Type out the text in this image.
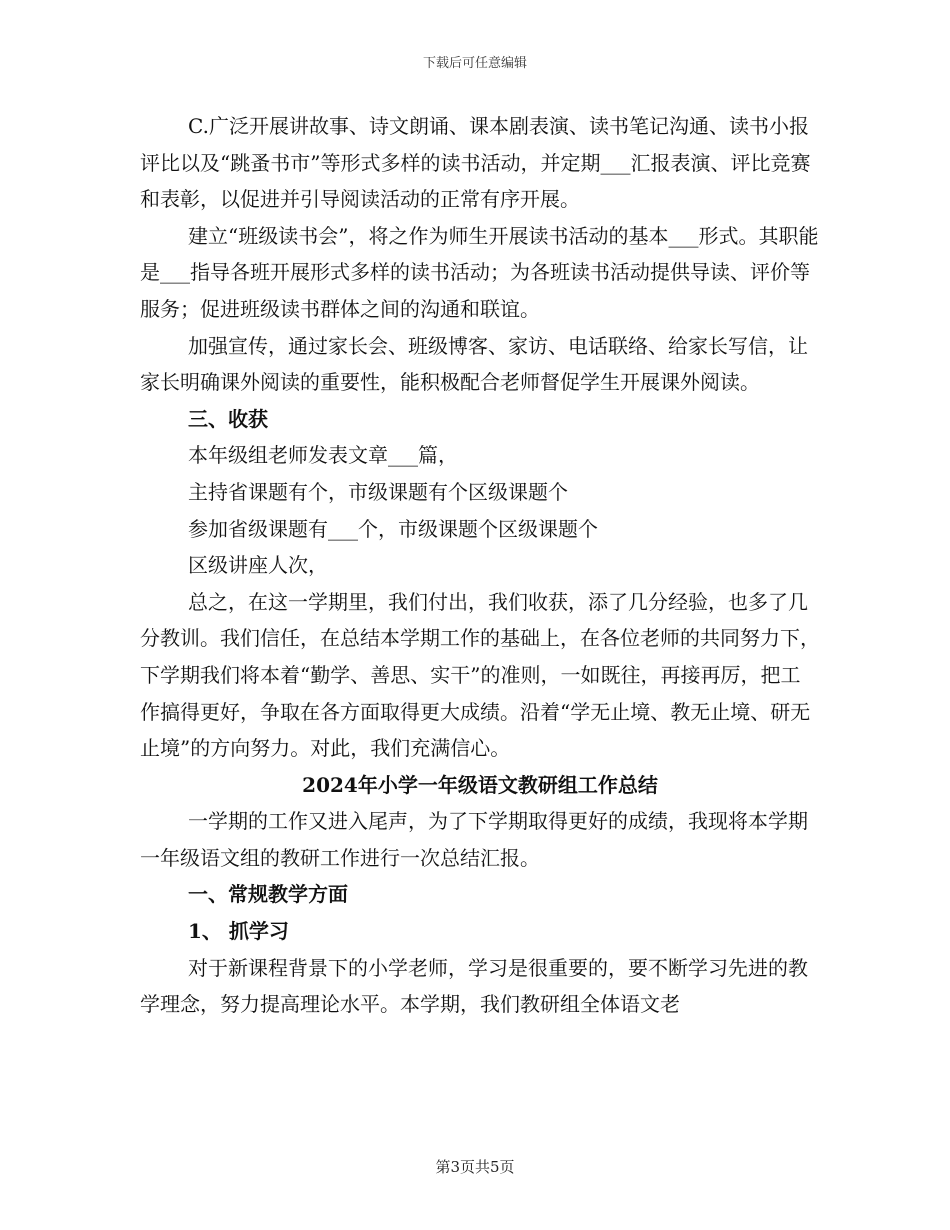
下载后可任意编辑

C.广泛开展讲故事、诗文朗诵、课本剧表演、读书笔记沟通、读书小报评比以及“跳蚤书市”等形式多样的读书活动，并定期___汇报表演、评比竞赛和表彰，以促进并引导阅读活动的正常有序开展。

建立“班级读书会”，将之作为师生开展读书活动的基本___形式。其职能是___指导各班开展形式多样的读书活动；为各班读书活动提供导读、评价等服务；促进班级读书群体之间的沟通和联谊。

加强宣传，通过家长会、班级博客、家访、电话联络、给家长写信，让家长明确课外阅读的重要性，能积极配合老师督促学生开展课外阅读。

三、收获

本年级组老师发表文章___篇，

主持省课题有个，市级课题有个区级课题个

参加省级课题有___个，市级课题个区级课题个

区级讲座人次，

总之，在这一学期里，我们付出，我们收获，添了几分经验，也多了几分教训。我们信任，在总结本学期工作的基础上，在各位老师的共同努力下，下学期我们将本着“勤学、善思、实干”的准则，一如既往，再接再厉，把工作搞得更好，争取在各方面取得更大成绩。沿着“学无止境、教无止境、研无止境”的方向努力。对此，我们充满信心。

2024年小学一年级语文教研组工作总结

一学期的工作又进入尾声，为了下学期取得更好的成绩，我现将本学期一年级语文组的教研工作进行一次总结汇报。

一、常规教学方面

1、 抓学习

对于新课程背景下的小学老师，学习是很重要的，要不断学习先进的教学理念，努力提高理论水平。本学期，我们教研组全体语文老

第3页共5页
